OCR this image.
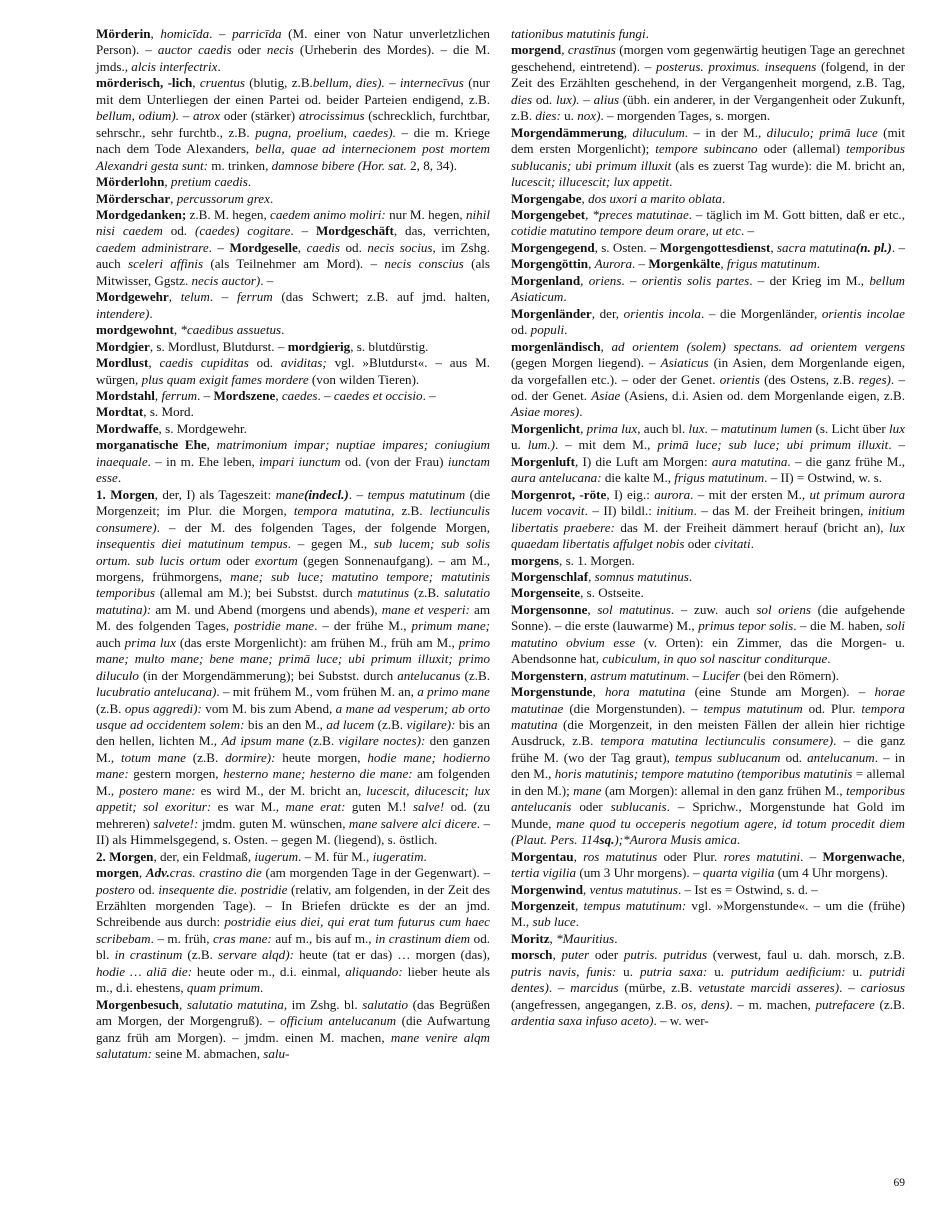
Mörderin, homicīda. – parricīda (M. einer von Natur unverletzlichen Person). – auctor caedis oder necis (Urheberin des Mordes). – die M. jmds., alcis interfectrix.

mörderisch, -lich, cruentus (blutig, z.B.bellum, dies). – internecīvus (nur mit dem Unterliegen der einen Partei od. beider Parteien endigend, z.B. bellum, odium). – atrox oder (stärker) atrocissimus (schrecklich, furchtbar, sehrschr., sehr furchtb., z.B. pugna, proelium, caedes). – die m. Kriege nach dem Tode Alexanders, bella, quae ad internecionem post mortem Alexandri gesta sunt: m. trinken, damnose bibere (Hor. sat. 2, 8, 34).

Mörderlohn, pretium caedis.

Mörderschar, percussorum grex.

Mordgedanken; z.B. M. hegen, caedem animo moliri: nur M. hegen, nihil nisi caedem od. (caedes) cogitare. – Mordgeschäft, das, verrichten, caedem administrare. – Mordgeselle, caedis od. necis socius, im Zshg. auch sceleri affinis (als Teilnehmer am Mord). – necis conscius (als Mitwisser, Ggstz. necis auctor). –

Mordgewehr, telum. – ferrum (das Schwert; z.B. auf jmd. halten, intendere).

mordgewohnt, *caedibus assuetus.

Mordgier, s. Mordlust, Blutdurst. – mordgierig, s. blutdürstig.

Mordlust, caedis cupiditas od. aviditas; vgl. »Blutdurst«. – aus M. würgen, plus quam exigit fames mordere (von wilden Tieren).

Mordstahl, ferrum. – Mordszene, caedes. – caedes et occisio. –

Mordtat, s. Mord.

Mordwaffe, s. Mordgewehr.

morganatische Ehe, matrimonium impar; nuptiae impares; coniugium inaequale. – in m. Ehe leben, impari iunctum od. (von der Frau) iunctam esse.

1. Morgen, der, I) als Tageszeit: mane(indecl.). – tempus matutinum (die Morgenzeit; im Plur. die Morgen, tempora matutina, z.B. lectiunculis consumere). – der M. des folgenden Tages, der folgende Morgen, insequentis diei matutinum tempus. – gegen M., sub lucem; sub solis ortum. sub lucis ortum oder exortum (gegen Sonnenaufgang). – am M., morgens, frühmorgens, mane; sub luce; matutino tempore; matutinis temporibus (allemal am M.); bei Substst. durch matutinus (z.B. salutatio matutina): am M. und Abend (morgens und abends), mane et vesperi: am M. des folgenden Tages, postridie mane. – der frühe M., primum mane; auch prima lux (das erste Morgenlicht): am frühen M., früh am M., primo mane; multo mane; bene mane; primā luce; ubi primum illuxit; primo diluculo (in der Morgendämmerung); bei Substst. durch antelucanus (z.B. lucubratio antelucana). – mit frühem M., vom frühen M. an, a primo mane (z.B. opus aggredi): vom M. bis zum Abend, a mane ad vesperum; ab orto usque ad occidentem solem: bis an den M., ad lucem (z.B. vigilare): bis an den hellen, lichten M., Ad ipsum mane (z.B. vigilare noctes): den ganzen M., totum mane (z.B. dormire): heute morgen, hodie mane; hodierno mane: gestern morgen, hesterno mane; hesterno die mane: am folgenden M., postero mane: es wird M., der M. bricht an, lucescit, dilucescit; lux appetit; sol exoritur: es war M., mane erat: guten M.! salve! od. (zu mehreren) salvete!: jmdm. guten M. wünschen, mane salvere alci dicere. – II) als Himmelsgegend, s. Osten. – gegen M. (liegend), s. östlich.

2. Morgen, der, ein Feldmaß, iugerum. – M. für M., iugeratim.

morgen, Adv.cras. crastino die (am morgenden Tage in der Gegenwart). – postero od. insequente die. postridie (relativ, am folgenden, in der Zeit des Erzählten morgenden Tage). – In Briefen drückte es der an jmd. Schreibende aus durch: postridie eius diei, qui erat tum futurus cum haec scribebam. – m. früh, cras mane: auf m., bis auf m., in crastinum diem od. bl. in crastinum (z.B. servare alqd): heute (tat er das) … morgen (das), hodie … aliā die: heute oder m., d.i. einmal, aliquando: lieber heute als m., d.i. ehestens, quam primum.

Morgenbesuch, salutatio matutina, im Zshg. bl. salutatio (das Begrüßen am Morgen, der Morgengruß). – officium antelucanum (die Aufwartung ganz früh am Morgen). – jmdm. einen M. machen, mane venire alqm salutatum: seine M. abmachen, salu-

tationibus matutinis fungi.

morgend, crastīnus (morgen vom gegenwärtig heutigen Tage an gerechnet geschehend, eintretend). – posterus. proximus. insequens (folgend, in der Zeit des Erzählten geschehend, in der Vergangenheit morgend, z.B. Tag, dies od. lux). – alius (übh. ein anderer, in der Vergangenheit oder Zukunft, z.B. dies: u. nox). – morgenden Tages, s. morgen.

Morgendämmerung, diluculum. – in der M., diluculo; primā luce (mit dem ersten Morgenlicht); tempore subincano oder (allemal) temporibus sublucanis; ubi primum illuxit (als es zuerst Tag wurde): die M. bricht an, lucescit; illucescit; lux appetit.

Morgengabe, dos uxori a marito oblata.

Morgengebet, *preces matutinae. – täglich im M. Gott bitten, daß er etc., cotidie matutino tempore deum orare, ut etc. –

Morgengegend, s. Osten. – Morgengottesdienst, sacra matutina(n. pl.). – Morgengöttin, Aurora. – Morgenkälte, frigus matutinum.

Morgenland, oriens. – orientis solis partes. – der Krieg im M., bellum Asiaticum.

Morgenländer, der, orientis incola. – die Morgenländer, orientis incolae od. populi.

morgenländisch, ad orientem (solem) spectans. ad orientem vergens (gegen Morgen liegend). – Asiaticus (in Asien, dem Morgenlande eigen, da vorgefallen etc.). – oder der Genet. orientis (des Ostens, z.B. reges). – od. der Genet. Asiae (Asiens, d.i. Asien od. dem Morgenlande eigen, z.B. Asiae mores).

Morgenlicht, prima lux, auch bl. lux. – matutinum lumen (s. Licht über lux u. lum.). – mit dem M., primā luce; sub luce; ubi primum illuxit. – Morgenluft, I) die Luft am Morgen: aura matutina. – die ganz frühe M., aura antelucana: die kalte M., frigus matutinum. – II) = Ostwind, w. s.

Morgenrot, -röte, I) eig.: aurora. – mit der ersten M., ut primum aurora lucem vocavit. – II) bildl.: initium. – das M. der Freiheit bringen, initium libertatis praebere: das M. der Freiheit dämmert herauf (bricht an), lux quaedam libertatis affulget nobis oder civitati.

morgens, s. 1. Morgen.

Morgenschlaf, somnus matutinus.

Morgenseite, s. Ostseite.

Morgensonne, sol matutinus. – zuw. auch sol oriens (die aufgehende Sonne). – die erste (lauwarme) M., primus tepor solis. – die M. haben, soli matutino obvium esse (v. Orten): ein Zimmer, das die Morgen- u. Abendsonne hat, cubiculum, in quo sol nascitur conditurque.

Morgenstern, astrum matutinum. – Lucifer (bei den Römern).

Morgenstunde, hora matutina (eine Stunde am Morgen). – horae matutinae (die Morgenstunden). – tempus matutinum od. Plur. tempora matutina (die Morgenzeit, in den meisten Fällen der allein hier richtige Ausdruck, z.B. tempora matutina lectiunculis consumere). – die ganz frühe M. (wo der Tag graut), tempus sublucanum od. antelucanum. – in den M., horis matutinis; tempore matutino (temporibus matutinis = allemal in den M.); mane (am Morgen): allemal in den ganz frühen M., temporibus antelucanis oder sublucanis. – Sprichw., Morgenstunde hat Gold im Munde, mane quod tu occeperis negotium agere, id totum procedit diem (Plaut. Pers. 114sq.);*Aurora Musis amica.

Morgentau, ros matutinus oder Plur. rores matutini. – Morgenwache, tertia vigilia (um 3 Uhr morgens). – quarta vigilia (um 4 Uhr morgens).

Morgenwind, ventus matutinus. – Ist es = Ostwind, s. d. –

Morgenzeit, tempus matutinum: vgl. »Morgenstunde«. – um die (frühe) M., sub luce.

Moritz, *Mauritius.

morsch, puter oder putris. putridus (verwest, faul u. dah. morsch, z.B. putris navis, funis: u. putria saxa: u. putridum aedificium: u. putridi dentes). – marcidus (mürbe, z.B. vetustate marcidi asseres). – cariosus (angefressen, angegangen, z.B. os, dens). – m. machen, putrefacere (z.B. ardentia saxa infuso aceto). – w. wer-

69
